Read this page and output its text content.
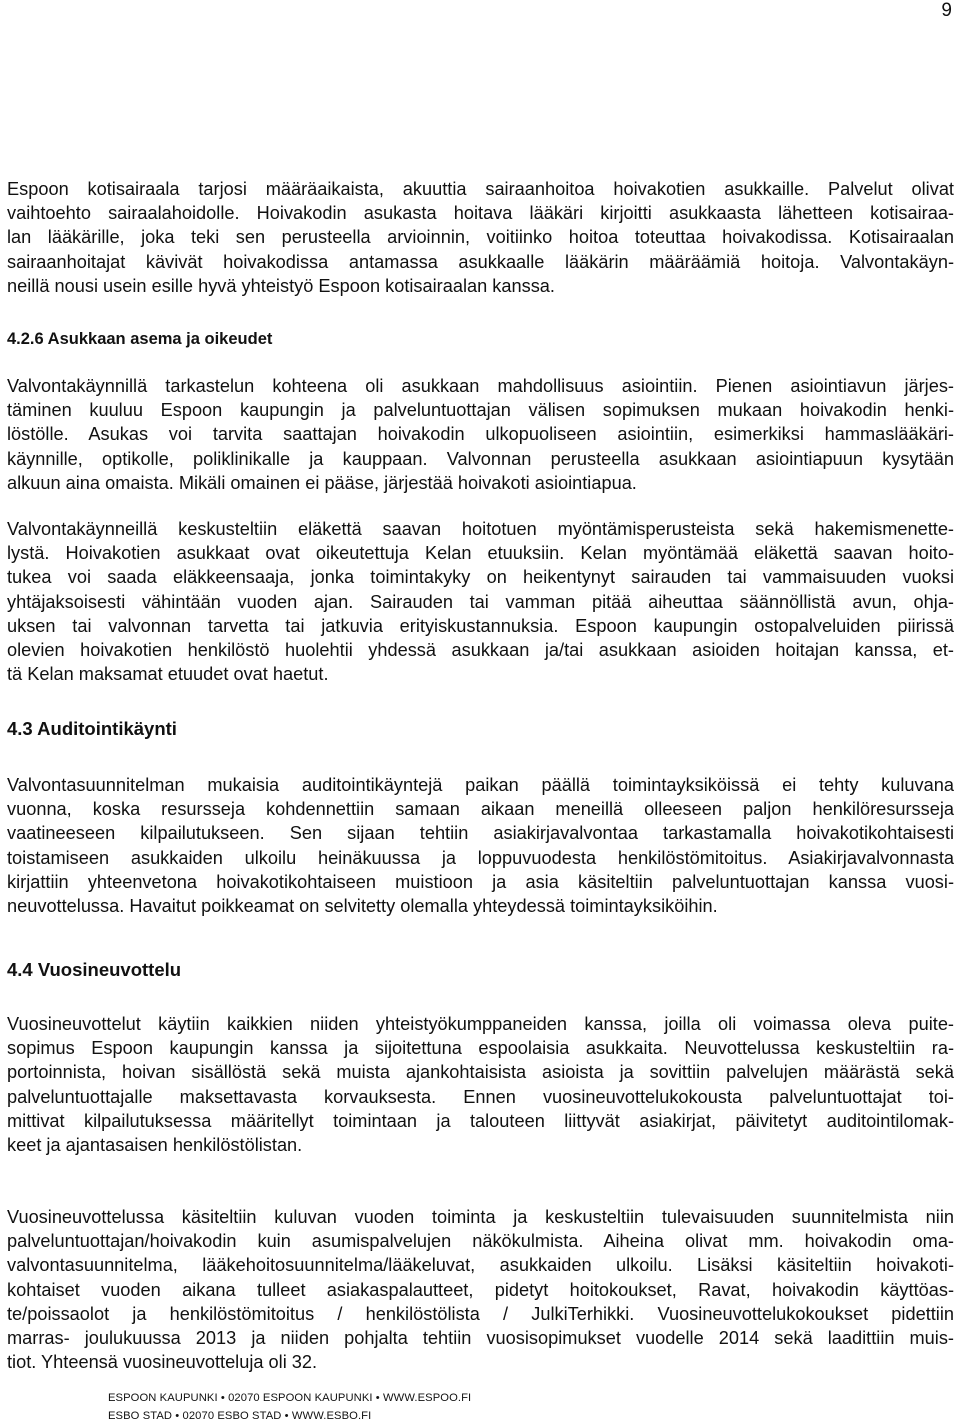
9
Espoon kotisairaala tarjosi määräaikaista, akuuttia sairaanhoitoa hoivakotien asukkaille. Palvelut olivat
vaihtoehto sairaalahoidolle. Hoivakodin asukasta hoitava lääkäri kirjoitti asukkaasta lähetteen kotisairaa-
lan lääkärille, joka teki sen perusteella arvioinnin, voitiinko hoitoa toteuttaa hoivakodissa. Kotisairaalan
sairaanhoitajat kävivät hoivakodissa antamassa asukkaalle lääkärin määräämiä hoitoja. Valvontakäyn-
neillä nousi usein esille hyvä yhteistyö Espoon kotisairaalan kanssa.
4.2.6 Asukkaan asema ja oikeudet
Valvontakäynnillä tarkastelun kohteena oli asukkaan mahdollisuus asiointiin. Pienen asiointiavun järjes-
täminen kuuluu Espoon kaupungin ja palveluntuottajan välisen sopimuksen mukaan hoivakodin henki-
löstölle. Asukas voi tarvita saattajan hoivakodin ulkopuoliseen asiointiin, esimerkiksi hammaslääkäri-
käynnille, optikolle, poliklinikalle ja kauppaan. Valvonnan perusteella asukkaan asiointiapuun kysytään
alkuun aina omaista. Mikäli omainen ei pääse, järjestää hoivakoti asiointiapua.
Valvontakäynneillä keskusteltiin eläkettä saavan hoitotuen myöntämisperusteista sekä hakemismenette-
lystä. Hoivakotien asukkaat ovat oikeutettuja Kelan etuuksiin. Kelan myöntämää eläkettä saavan hoito-
tukea voi saada eläkkeensaaja, jonka toimintakyky on heikentynyt sairauden tai vammaisuuden vuoksi
yhtäjaksoisesti vähintään vuoden ajan. Sairauden tai vamman pitää aiheuttaa säännöllistä avun, ohja-
uksen tai valvonnan tarvetta tai jatkuvia erityiskustannuksia. Espoon kaupungin ostopalveluiden piirissä
olevien hoivakotien henkilöstö huolehtii yhdessä asukkaan ja/tai asukkaan asioiden hoitajan kanssa, et-
tä Kelan maksamat etuudet ovat haetut.
4.3 Auditointikäynti
Valvontasuunnitelman mukaisia auditointikäyntejä paikan päällä toimintayksiköissä ei tehty kuluvana
vuonna, koska resursseja kohdennettiin samaan aikaan meneillä olleeseen paljon henkilöresursseja
vaatineeseen kilpailutukseen. Sen sijaan tehtiin asiakirjavalvontaa tarkastamalla hoivakotikohtaisesti
toistamiseen asukkaiden ulkoilu heinäkuussa ja loppuvuodesta henkilöstömitoitus. Asiakirjavalvonnasta
kirjattiin yhteenvetona hoivakotikohtaiseen muistioon ja asia käsiteltiin palveluntuottajan kanssa vuosi-
neuvottelussa. Havaitut poikkeamat on selvitetty olemalla yhteydessä toimintayksiköihin.
4.4 Vuosineuvottelu
Vuosineuvottelut käytiin kaikkien niiden yhteistyökumppaneiden kanssa, joilla oli voimassa oleva puite-
sopimus Espoon kaupungin kanssa ja sijoitettuna espoolaisia asukkaita. Neuvottelussa keskusteltiin ra-
portoinnista, hoivan sisällöstä sekä muista ajankohtaisista asioista ja sovittiin palvelujen määrästä sekä
palveluntuottajalle maksettavasta korvauksesta. Ennen vuosineuvottelukokousta palveluntuottajat toi-
mittivat kilpailutuksessa määritellyt toimintaan ja talouteen liittyvät asiakirjat, päivitetyt auditointilomak-
keet ja ajantasaisen henkilöstölistan.
Vuosineuvottelussa käsiteltiin kuluvan vuoden toiminta ja keskusteltiin tulevaisuuden suunnitelmista niin
palveluntuottajan/hoivakodin kuin asumispalvelujen näkökulmista. Aiheina olivat mm. hoivakodin oma-
valvontasuunnitelma, lääkehoitosuunnitelma/lääkeluvat, asukkaiden ulkoilu. Lisäksi käsiteltiin hoivakoti-
kohtaiset vuoden aikana tulleet asiakaspalautteet, pidetyt hoitokoukset, Ravat, hoivakodin käyttöas-
te/poissaolot ja henkilöstömitoitus / henkilöstölista / JulkiTerhikki. Vuosineuvottelukokoukset pidettiin
marras- joulukuussa 2013 ja niiden pohjalta tehtiin vuosisopimukset vuodelle 2014 sekä laadittiin muis-
tiot. Yhteensä vuosineuvotteluja oli 32.
ESPOON KAUPUNKI • 02070 ESPOON KAUPUNKI • WWW.ESPOO.FI
ESBO STAD • 02070 ESBO STAD • WWW.ESBO.FI
